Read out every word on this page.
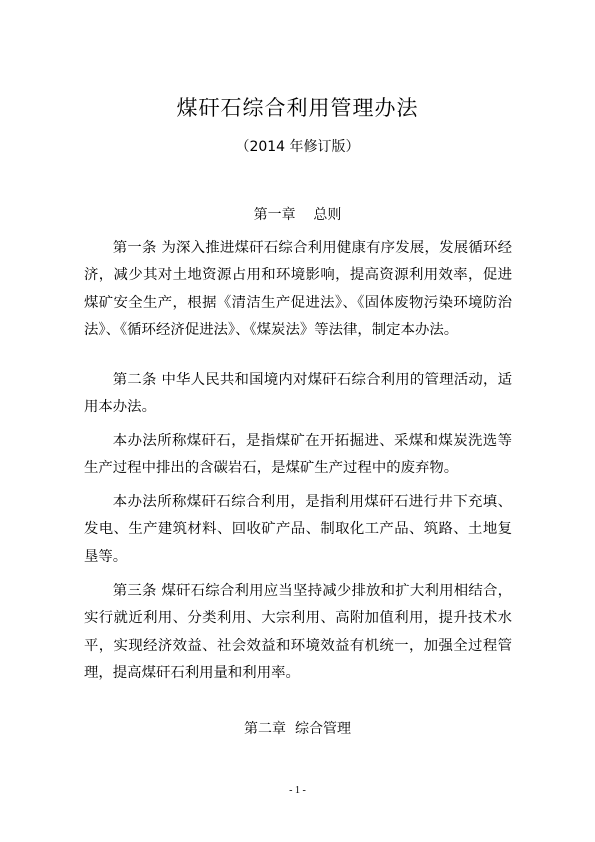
煤矸石综合利用管理办法
（2014 年修订版）
第一章    总则

第一条 为深入推进煤矸石综合利用健康有序发展，发展循环经济，减少其对土地资源占用和环境影响，提高资源利用效率，促进煤矿安全生产，根据《清洁生产促进法》、《固体废物污染环境防治法》、《循环经济促进法》、《煤炭法》等法律，制定本办法。

第二条 中华人民共和国境内对煤矸石综合利用的管理活动，适用本办法。

本办法所称煤矸石，是指煤矿在开拓掘进、采煤和煤炭洗选等生产过程中排出的含碳岩石，是煤矿生产过程中的废弃物。

本办法所称煤矸石综合利用，是指利用煤矸石进行井下充填、发电、生产建筑材料、回收矿产品、制取化工产品、筑路、土地复垦等。

第三条 煤矸石综合利用应当坚持减少排放和扩大利用相结合，实行就近利用、分类利用、大宗利用、高附加值利用，提升技术水平，实现经济效益、社会效益和环境效益有机统一，加强全过程管理，提高煤矸石利用量和利用率。

第二章  综合管理
- 1 -
